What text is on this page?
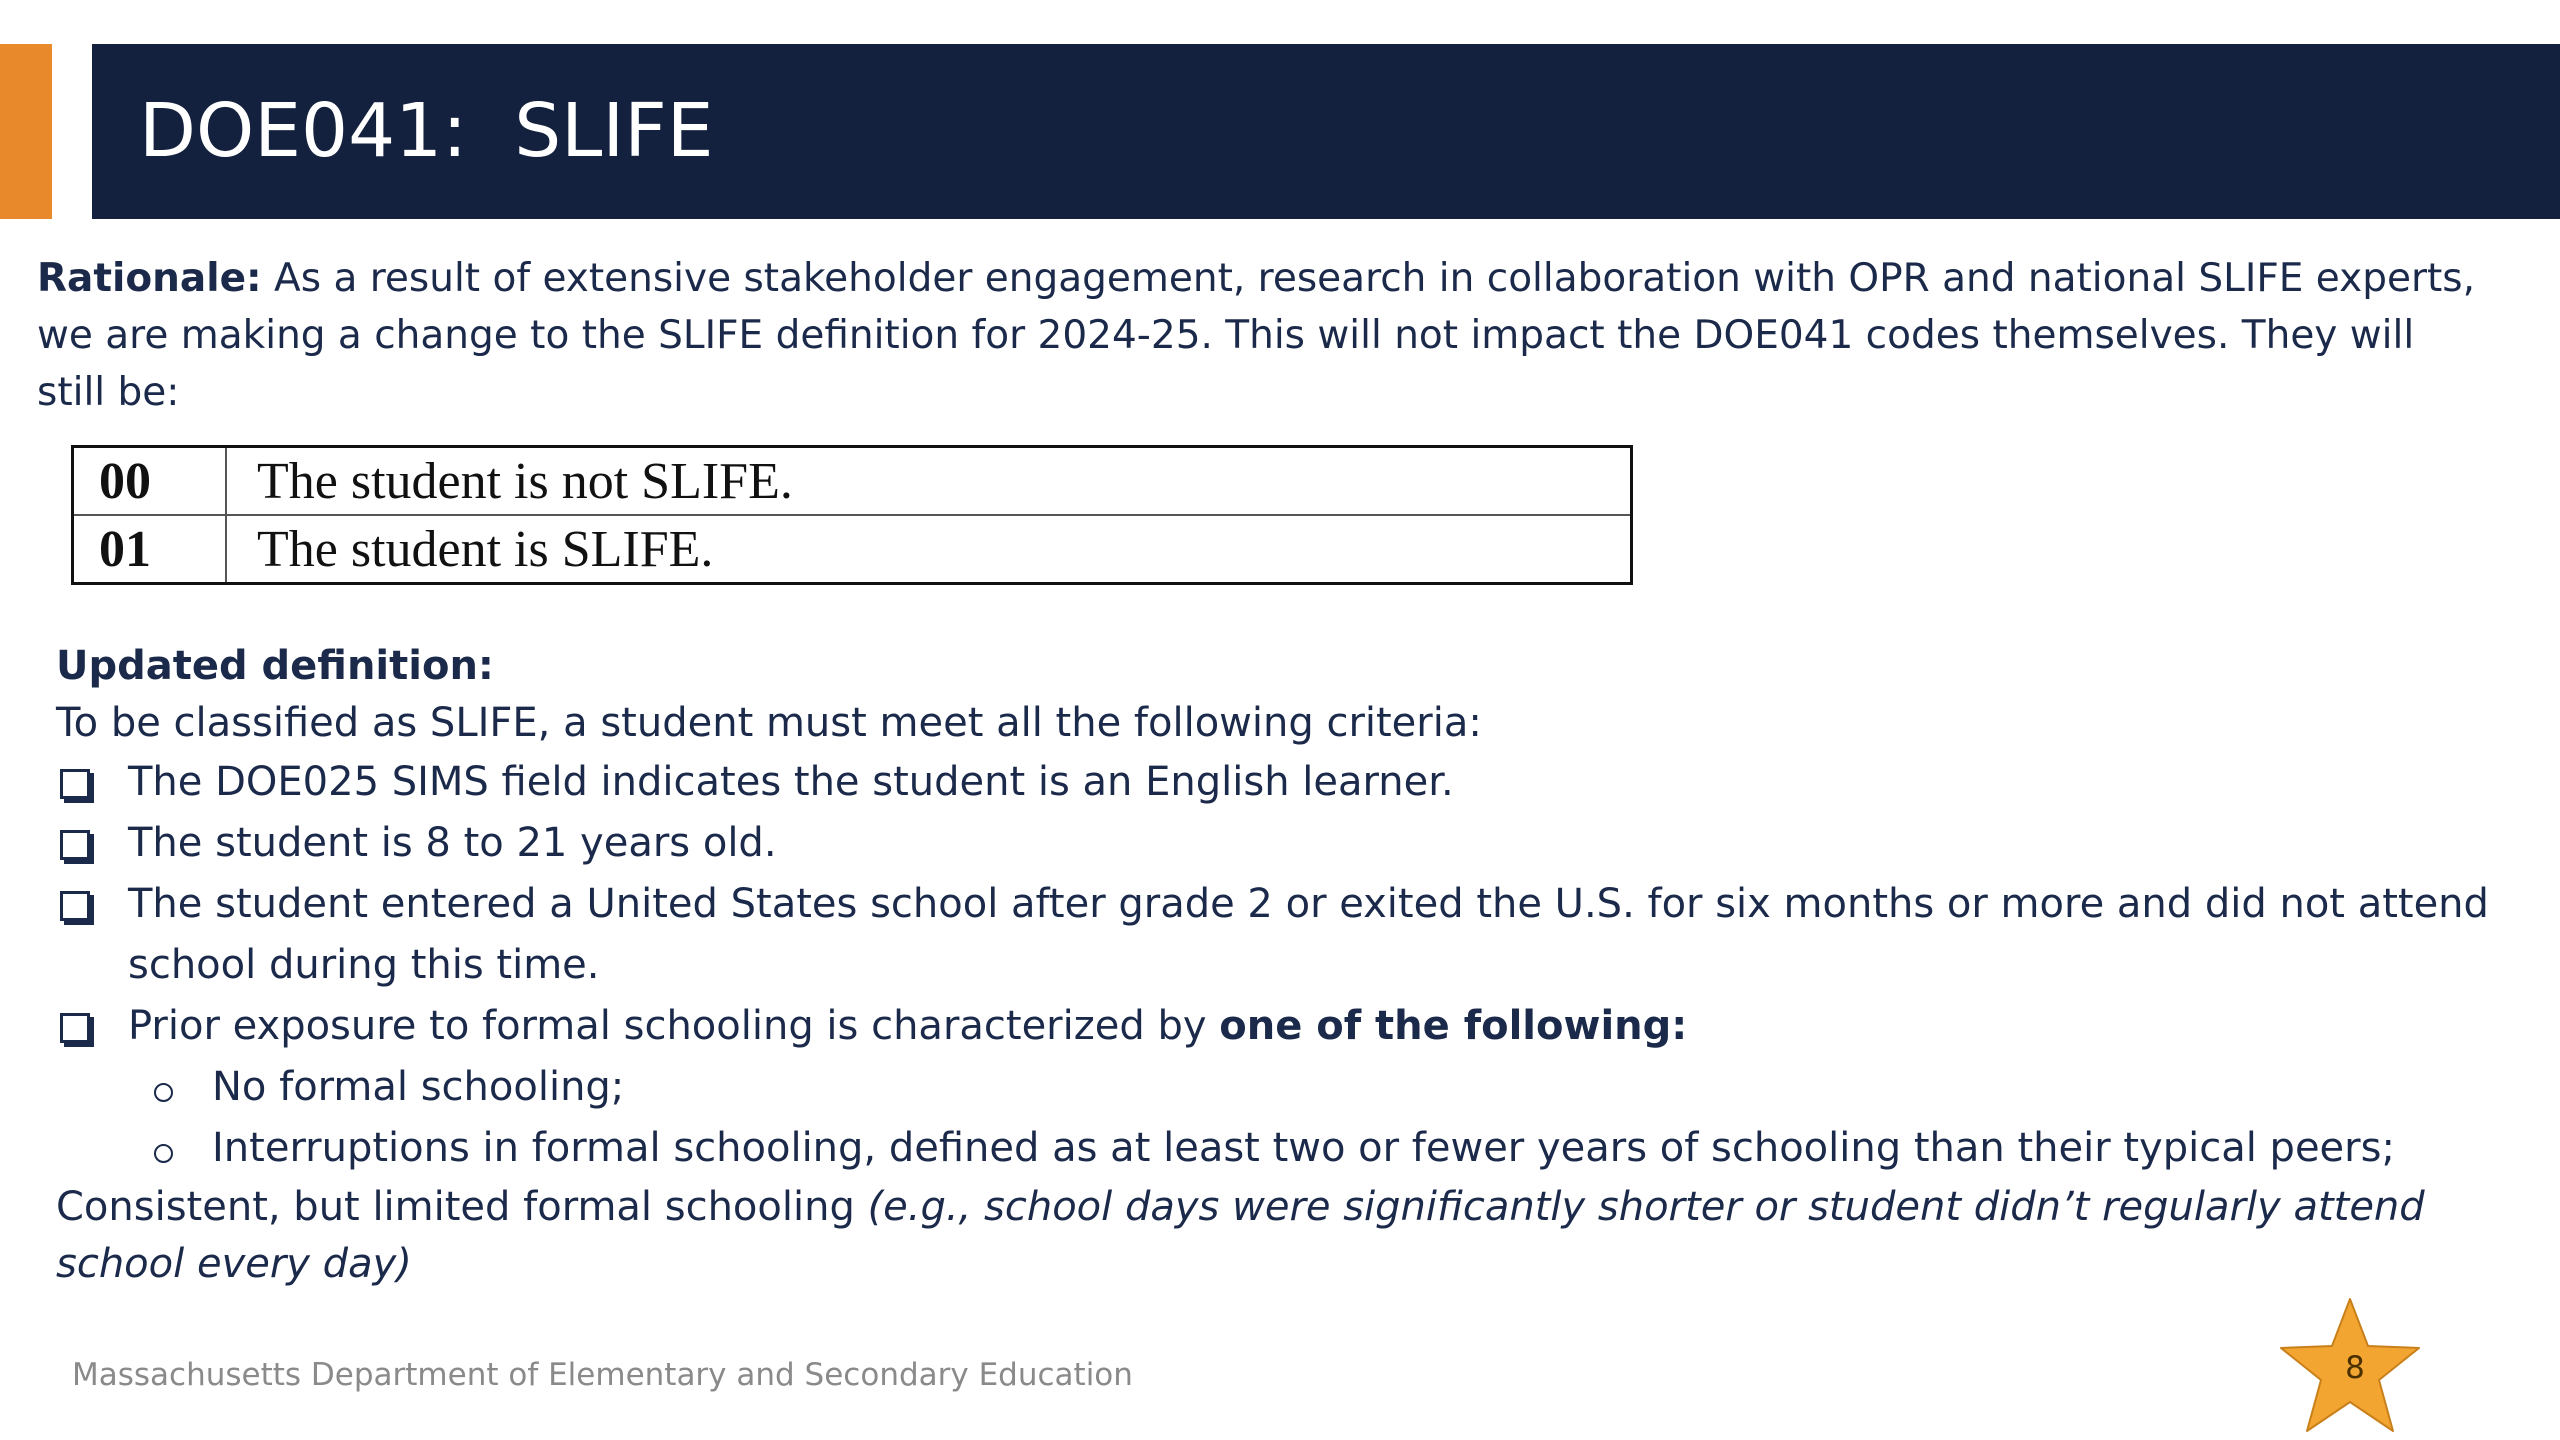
DOE041:  SLIFE
Rationale: As a result of extensive stakeholder engagement, research in collaboration with OPR and national SLIFE experts, we are making a change to the SLIFE definition for 2024-25. This will not impact the DOE041 codes themselves. They will still be:
00	The student is not SLIFE.
01	The student is SLIFE.
Updated definition:
To be classified as SLIFE, a student must meet all the following criteria:
The DOE025 SIMS field indicates the student is an English learner.
The student is 8 to 21 years old.
The student entered a United States school after grade 2 or exited the U.S. for six months or more and did not attend school during this time.
Prior exposure to formal schooling is characterized by one of the following:
No formal schooling;
Interruptions in formal schooling, defined as at least two or fewer years of schooling than their typical peers;
Consistent, but limited formal schooling (e.g., school days were significantly shorter or student didn’t regularly attend school every day)
Massachusetts Department of Elementary and Secondary Education	8
